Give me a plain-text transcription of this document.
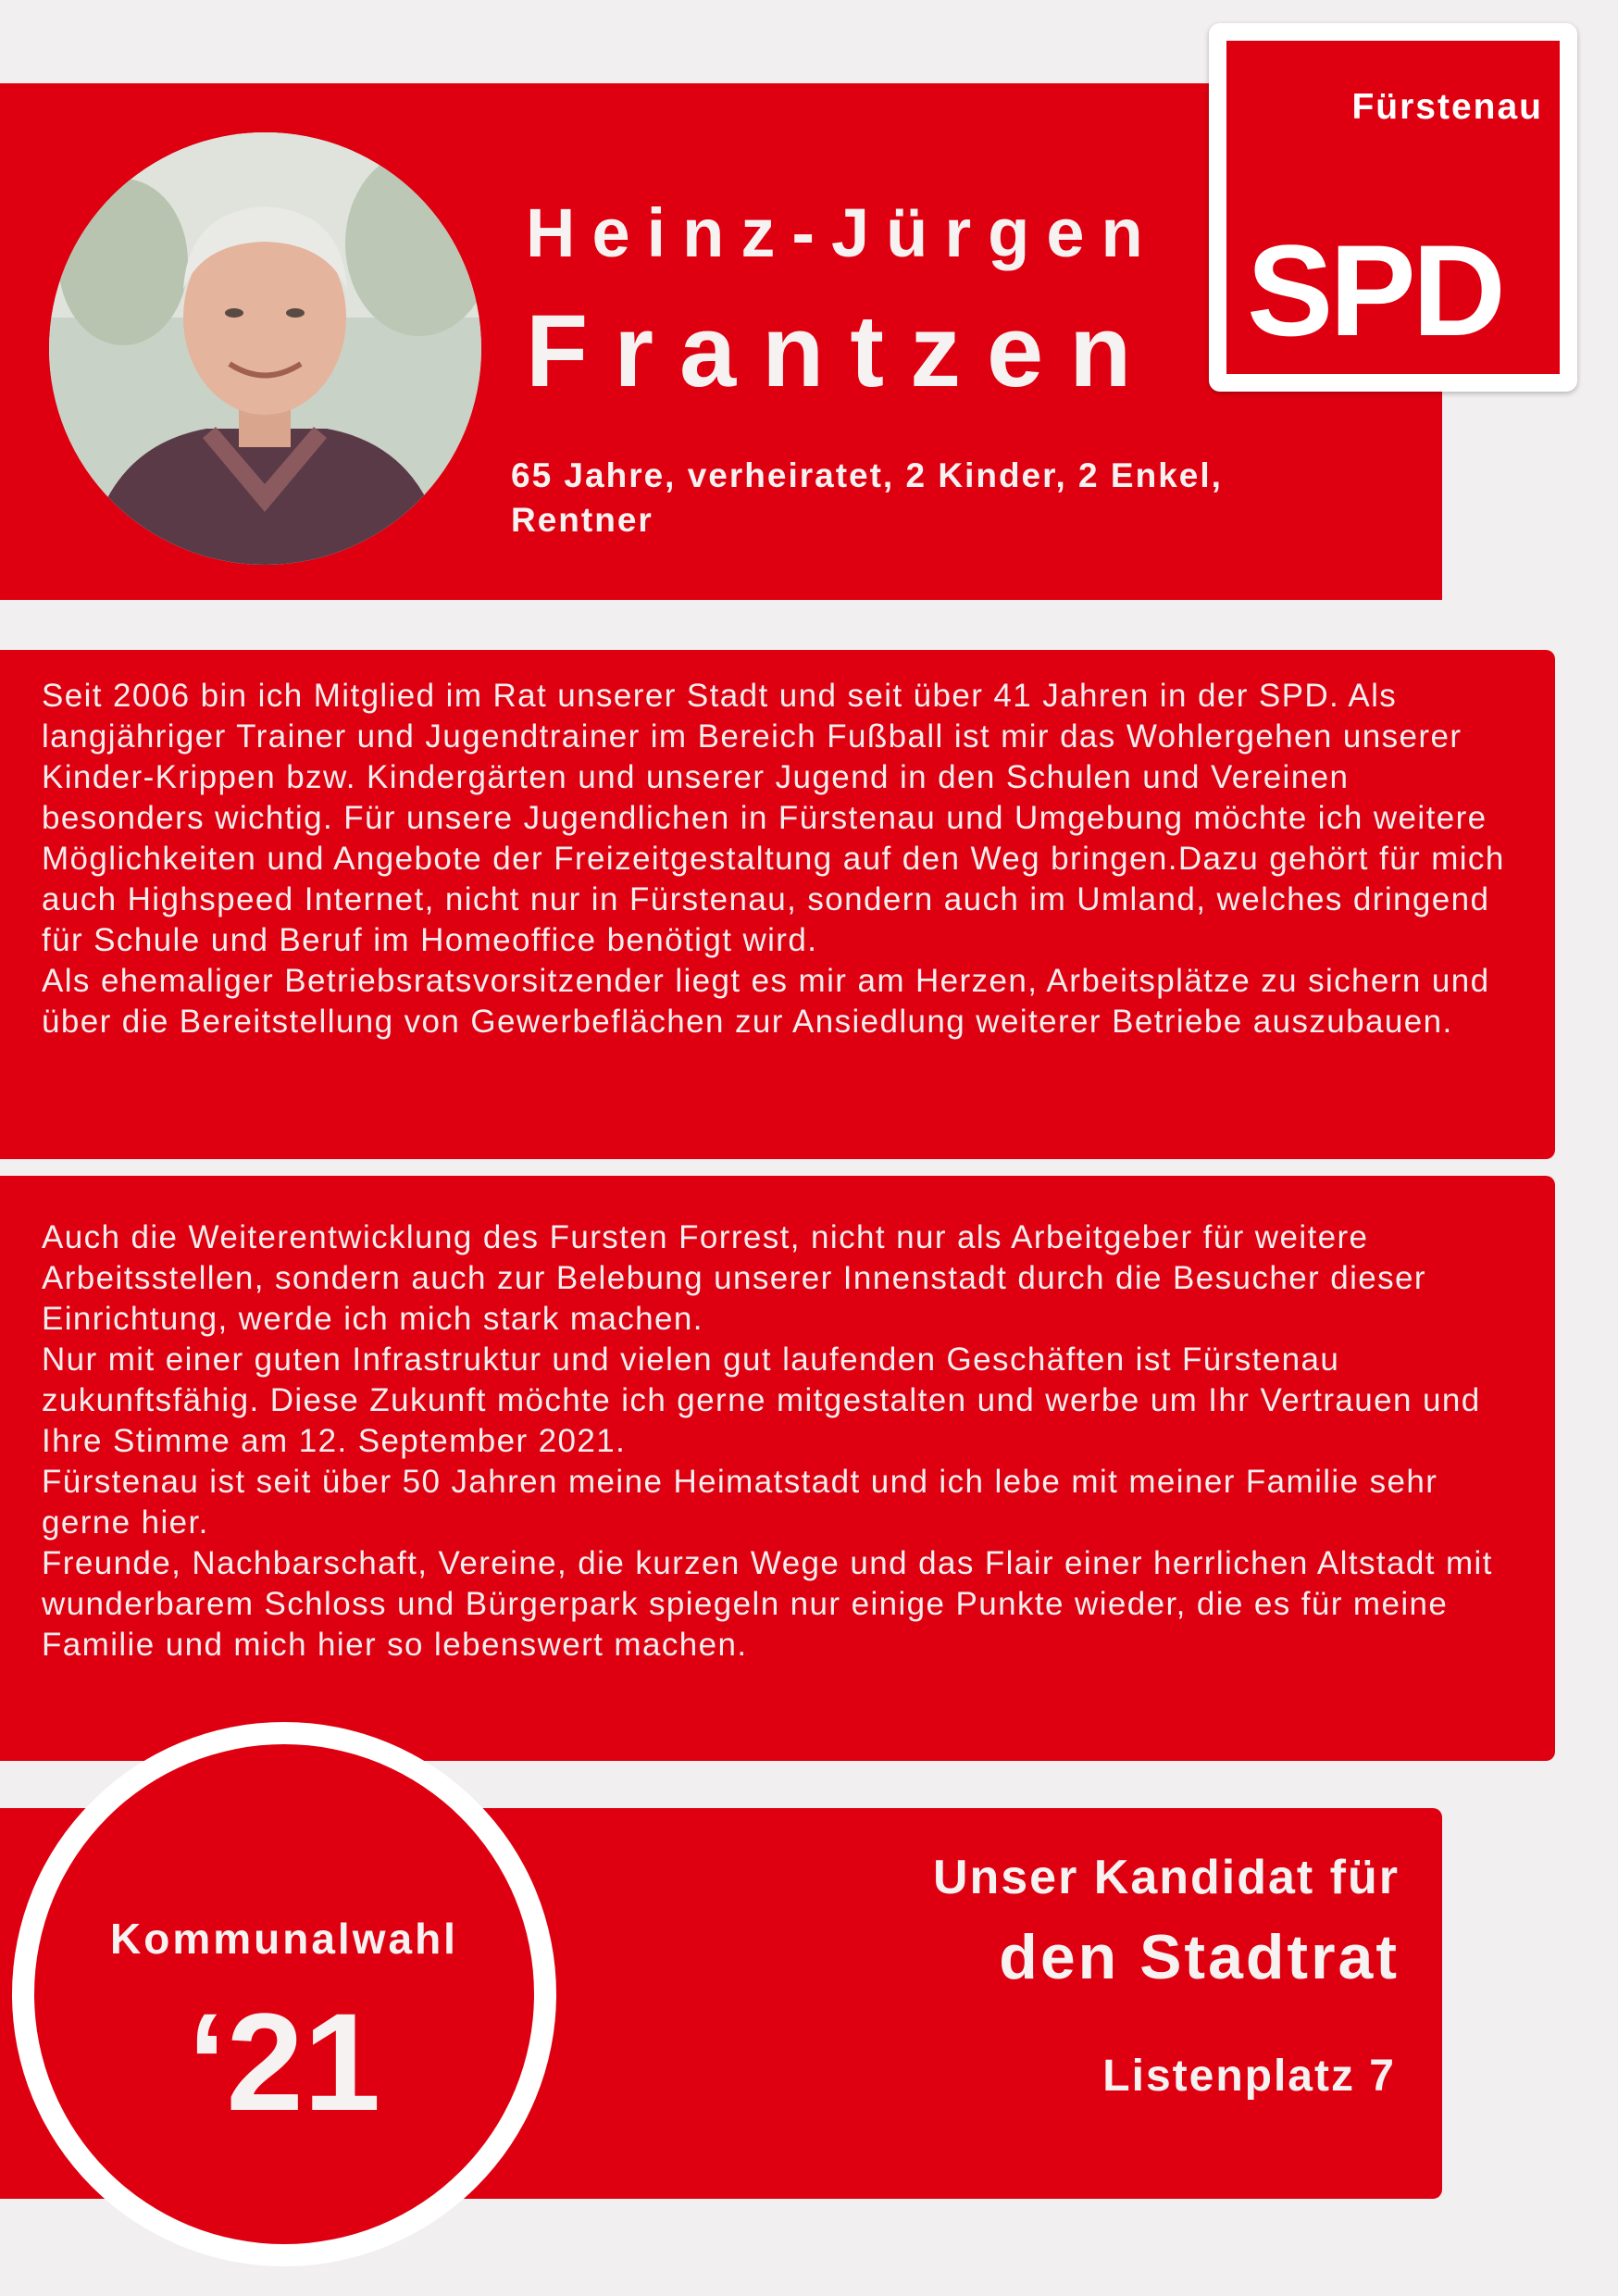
Heinz-Jürgen
Frantzen
65 Jahre, verheiratet, 2 Kinder, 2 Enkel, Rentner
Fürstenau
SPD

Seit 2006 bin ich Mitglied im Rat unserer Stadt und seit über 41 Jahren in der SPD. Als langjähriger Trainer und Jugendtrainer im Bereich Fußball ist mir das Wohlergehen unserer Kinder-Krippen bzw. Kindergärten und unserer Jugend in den Schulen und Vereinen besonders wichtig. Für unsere Jugendlichen in Fürstenau und Umgebung möchte ich weitere Möglichkeiten und Angebote der Freizeitgestaltung auf den Weg bringen.Dazu gehört für mich auch Highspeed Internet, nicht nur in Fürstenau, sondern auch im Umland, welches dringend für Schule und Beruf im Homeoffice benötigt wird.

Als ehemaliger Betriebsratsvorsitzender liegt es mir am Herzen, Arbeitsplätze zu sichern und über die Bereitstellung von Gewerbeflächen zur Ansiedlung weiterer Betriebe auszubauen.

Auch die Weiterentwicklung des Fursten Forrest, nicht nur als Arbeitgeber für weitere Arbeitsstellen, sondern auch zur Belebung unserer Innenstadt durch die Besucher dieser Einrichtung, werde ich mich stark machen.

Nur mit einer guten Infrastruktur und vielen gut laufenden Geschäften ist Fürstenau zukunftsfähig. Diese Zukunft möchte ich gerne mitgestalten und werbe um Ihr Vertrauen und Ihre Stimme am 12. September 2021.

Fürstenau ist seit über 50 Jahren meine Heimatstadt und ich lebe mit meiner Familie sehr gerne hier.

Freunde, Nachbarschaft, Vereine, die kurzen Wege und das Flair einer herrlichen Altstadt mit wunderbarem Schloss und Bürgerpark spiegeln nur einige Punkte wieder, die es für meine Familie und mich hier so lebenswert machen.

Kommunalwahl
‘21
Unser Kandidat für
den Stadtrat
Listenplatz 7
